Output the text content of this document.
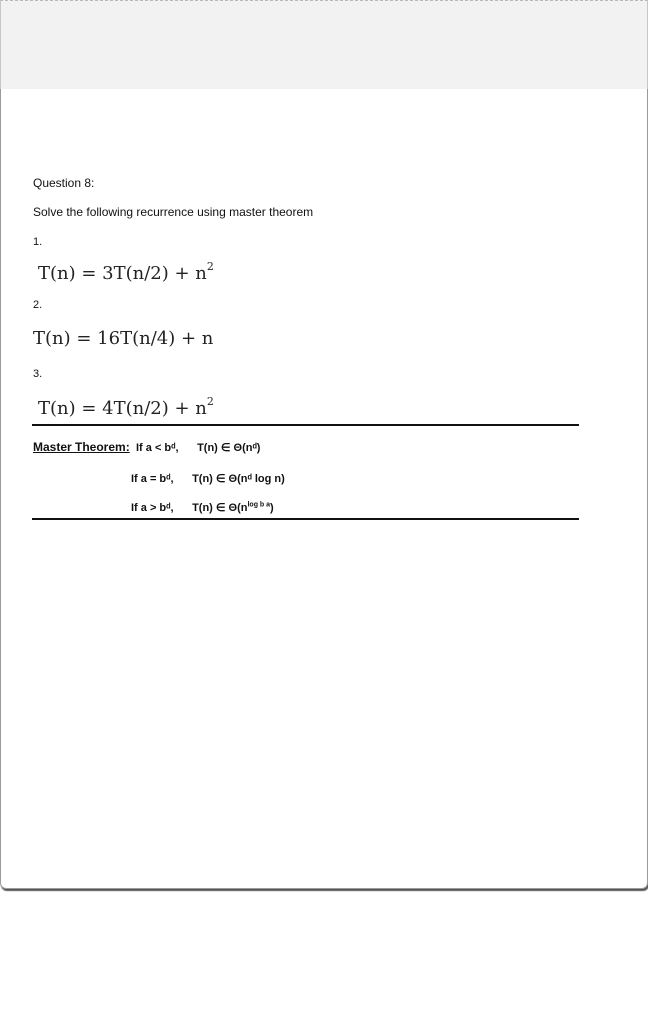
Question 8:
Solve the following recurrence using master theorem
1.
$T(n) = 3T(n/2) + n^2$
2.
T(n) = 16T(n/4) + n
3.
$T(n) = 4T(n/2) + n^2$
Master Theorem: If a < bᵈ, T(n) ∈ Θ(nᵈ)
If a = bᵈ, T(n) ∈ Θ(nᵈ log n)
If a > bᵈ, T(n) ∈ $\Theta(n^{log b a})$
